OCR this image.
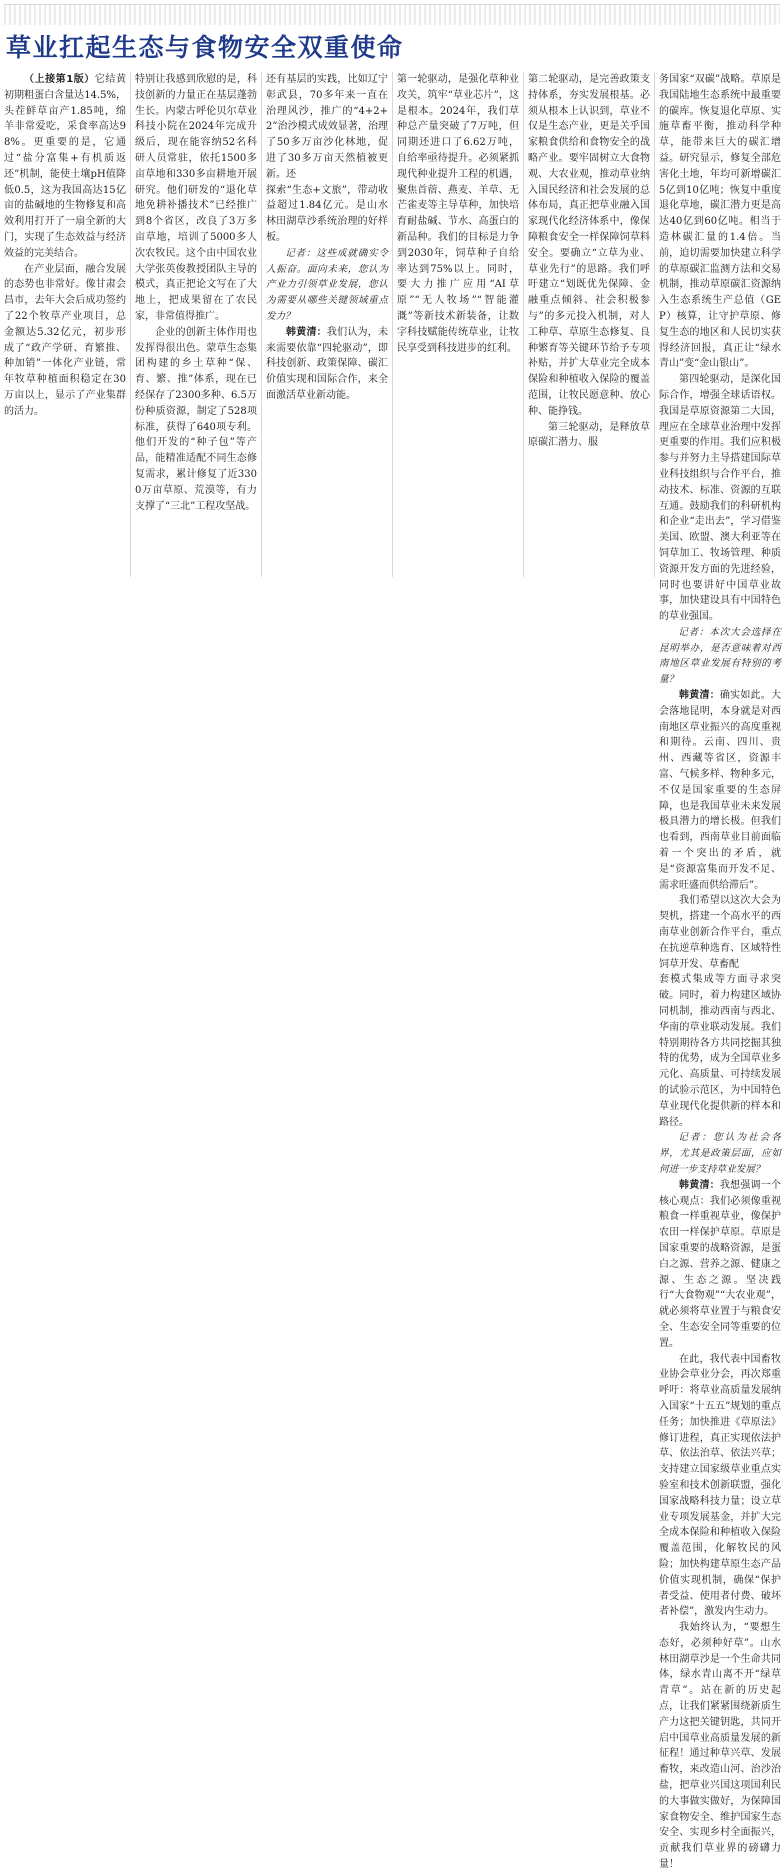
草业扛起生态与食物安全双重使命

（上接第1版）它结黄初期粗蛋白含量达14.5%，头茬鲜草亩产1.85吨，绵羊非常爱吃，采食率高达98%。更重要的是，它通过“盐分富集+有机质返还”机制，能使土壤pH值降低0.5，这为我国高达15亿亩的盐碱地的生物修复和高效利用打开了一扇全新的大门，实现了生态效益与经济效益的完美结合。

在产业层面，融合发展的态势也非常好。像甘肃会昌市，去年大会后成功签约了22个牧草产业项目，总金额达5.32亿元，初步形成了“政产学研、育繁推、种加销”一体化产业链，常年牧草种植面积稳定在30万亩以上，显示了产业集群的活力。

特别让我感到欣慰的是，科技创新的力量正在基层蓬勃生长。内蒙古呼伦贝尔草业科技小院在2024年完成升级后，现在能容纳52名科研人员常驻，依托1500多亩草地和330多亩耕地开展研究。他们研发的“退化草地免耕补播技术”已经推广到8个省区，改良了3万多亩草地，培训了5000多人次农牧民。这个由中国农业大学张英俊教授团队主导的模式，真正把论文写在了大地上，把成果留在了农民家，非常值得推广。

企业的创新主体作用也发挥得很出色。蒙草生态集团构建的乡土草种“保、育、繁、推”体系，现在已经保存了2300多种、6.5万份种质资源，制定了528项标准，获得了640项专利。他们开发的“种子包”等产品，能精准适配不同生态修复需求，累计修复了近3300万亩草原、荒漠等，有力支撑了“三北”工程攻坚战。

还有基层的实践，比如辽宁彰武县，70多年来一直在治理风沙，推广的“4+2+2”治沙模式成效显著，治理了50多万亩沙化林地，促进了30多万亩天然植被更新。还

探索“生态+文旅”，带动收益超过1.84亿元。是山水林田湖草沙系统治理的好样板。

记者：这些成就确实令人振奋。面向未来，您认为产业力引领草业发展，您认为需要从哪些关键领域重点发力？

韩黄清：我们认为，未来需要依靠“四轮驱动”，即科技创新、政策保障、碳汇价值实现和国际合作，来全面激活草业新动能。

第一轮驱动，是强化草种业攻关，筑牢“草业芯片”，这是根本。2024年，我们草种总产量突破了7万吨，但同期还进口了6.62万吨，自给率亟待提升。必须紧抓现代种业提升工程的机遇，聚焦首蓿、燕麦、羊草、无芒雀麦等主导草种，加快培育耐盐碱、节水、高蛋白的新品种。我们的目标是力争到2030年，饲草种子自给率达到75%以上。同时，要大力推广应用“AI草原”“无人牧场”“智能灌溉”等新技术新装备，让数字科技赋能传统草业，让牧民享受到科技进步的红利。

第二轮驱动，是完善政策支持体系，夯实发展根基。必须从根本上认识到，草业不仅是生态产业，更是关乎国家粮食供给和食物安全的战略产业。要牢固树立大食物观、大农业观，推动草业纳入国民经济和社会发展的总体布局，真正把草业融入国家现代化经济体系中，像保障粮食安全一样保障饲草料安全。要确立“立草为业、草业先行”的思路。我们呼吁建立“划既优先保障、金融重点倾斜、社会积极参与”的多元投入机制，对人工种草、草原生态修复、良种繁育等关键环节给予专项补贴，并扩大草业完全成本保险和种植收入保险的覆盖范围，让牧民愿意种、放心种、能挣钱。

第三轮驱动，是释放草原碳汇潜力、服

务国家“双碳”战略。草原是我国陆地生态系统中最重要的碳库。恢复退化草原、实施草畜平衡，推动科学种草，能带来巨大的碳汇增益。研究显示，修复全部危害化土地，年均可新增碳汇5亿到10亿吨；恢复中重度退化草地，碳汇潜力更是高达40亿到60亿吨。相当于造林碳汇量的1.4倍。当前，迫切需要加快建立科学的草原碳汇监测方法和交易机制，推动草原碳汇资源纳入生态系统生产总值（GEP）核算，让守护草原、修复生态的地区和人民切实获得经济回报，真正让“绿水青山”变“金山银山”。

第四轮驱动，是深化国际合作，增强全球话语权。我国是草原资源第二大国，理应在全球草业治理中发挥更重要的作用。我们应积极参与并努力主导搭建国际草业科技组织与合作平台，推动技术、标准、资源的互联互通。鼓励我们的科研机构和企业“走出去”，学习借鉴美国、欧盟、澳大利亚等在饲草加工、牧场管理、种质资源开发方面的先进经验，同时也要讲好中国草业故事，加快建设具有中国特色的草业强国。

记者：本次大会选择在昆明举办，是否意味着对西南地区草业发展有特别的考量？

韩黄清：确实如此。大会落地昆明，本身就是对西南地区草业振兴的高度重视和期待。云南、四川、贵州、西藏等省区，资源丰富、气候多样、物种多元，不仅是国家重要的生态屏障，也是我国草业未来发展极具潜力的增长极。但我们也看到，西南草业目前面临着一个突出的矛盾，就是“资源富集而开发不足、需求旺盛而供给滞后”。

我们希望以这次大会为契机，搭建一个高水平的西南草业创新合作平台，重点在抗逆草种选育、区域特性饲草开发、草畜配

套模式集成等方面寻求突破。同时，着力构建区域协同机制，推动西南与西北、华南的草业联动发展。我们特别期待各方共同挖掘其独特的优势，成为全国草业多元化、高质量、可持续发展的试验示范区，为中国特色草业现代化提供新的样本和路径。

记者：您认为社会各界，尤其是政策层面，应如何进一步支持草业发展？

韩黄清：我想强调一个核心观点：我们必须像重视粮食一样重视草业，像保护农田一样保护草原。草原是国家重要的战略资源，是蛋白之源、营养之源、健康之源、生态之源。坚决践行“大食物观”“大农业观”，就必须将草业置于与粮食安全、生态安全同等重要的位置。

在此，我代表中国畜牧业协会草业分会，再次郑重呼吁：将草业高质量发展纳入国家“十五五”规划的重点任务；加快推进《草原法》修订进程，真正实现依法护草、依法治草、依法兴草；支持建立国家级草业重点实验室和技术创新联盟，强化国家战略科技力量；设立草业专项发展基金，并扩大完全成本保险和种植收入保险覆盖范围，化解牧民的风险；加快构建草原生态产品价值实现机制，确保“保护者受益、使用者付费、破坏者补偿”，激发内生动力。

我始终认为，“要想生态好，必须种好草”。山水林田湖草沙是一个生命共同体，绿水青山离不开“绿草青草”。站在新的历史起点，让我们紧紧围绕新质生产力这把关键钥匙，共同开启中国草业高质量发展的新征程！通过种草兴草、发展畜牧，来改造山河、治沙治盐，把草业兴国这项国利民的大事做实做好，为保障国家食物安全、维护国家生态安全、实现乡村全面振兴，贡献我们草业界的磅礴力量！
